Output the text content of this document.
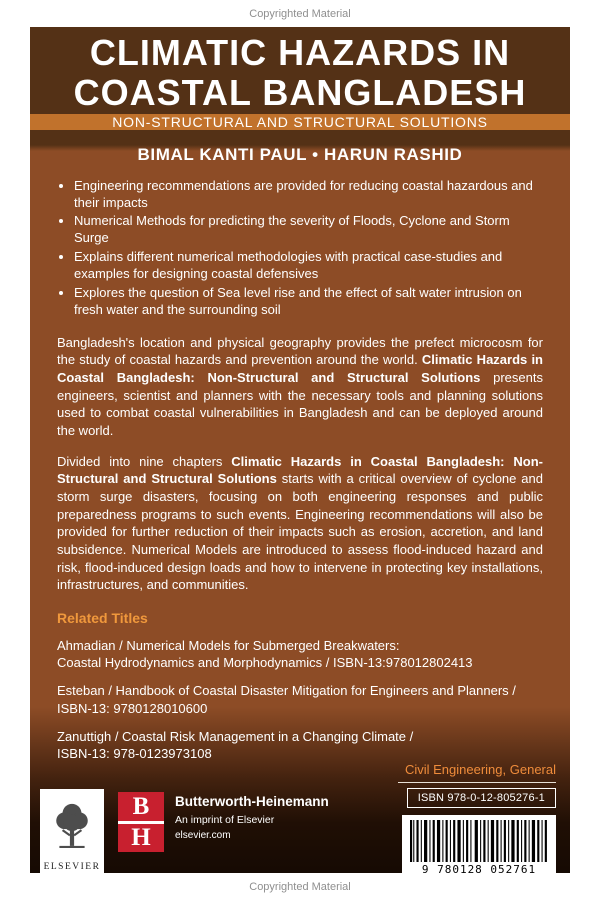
Copyrighted Material
CLIMATIC HAZARDS IN
COASTAL BANGLADESH
NON-STRUCTURAL AND STRUCTURAL SOLUTIONS
BIMAL KANTI PAUL • HARUN RASHID
• Engineering recommendations are provided for reducing coastal hazardous and their impacts
• Numerical Methods for predicting the severity of Floods, Cyclone and Storm Surge
• Explains different numerical methodologies with practical case-studies and examples for designing coastal defensives
• Explores the question of Sea level rise and the effect of salt water intrusion on fresh water and the surrounding soil

Bangladesh's location and physical geography provides the prefect microcosm for the study of coastal hazards and prevention around the world. Climatic Hazards in Coastal Bangladesh: Non-Structural and Structural Solutions presents engineers, scientist and planners with the necessary tools and planning solutions used to combat coastal vulnerabilities in Bangladesh and can be deployed around the world.

Divided into nine chapters Climatic Hazards in Coastal Bangladesh: Non-Structural and Structural Solutions starts with a critical overview of cyclone and storm surge disasters, focusing on both engineering responses and public preparedness programs to such events. Engineering recommendations will also be provided for further reduction of their impacts such as erosion, accretion, and land subsidence. Numerical Models are introduced to assess flood-induced hazard and risk, flood-induced design loads and how to intervene in protecting key installations, infrastructures, and communities.

Related Titles
Ahmadian / Numerical Models for Submerged Breakwaters:
Coastal Hydrodynamics and Morphodynamics / ISBN-13:978012802413
Esteban / Handbook of Coastal Disaster Mitigation for Engineers and Planners /
ISBN-13: 9780128010600
Zanuttigh / Coastal Risk Management in a Changing Climate /
ISBN-13: 978-0123973108
ELSEVIER
B
H
Butterworth-Heinemann
An imprint of Elsevier
elsevier.com
Civil Engineering, General
ISBN 978-0-12-805276-1
9 780128 052761
Copyrighted Material
